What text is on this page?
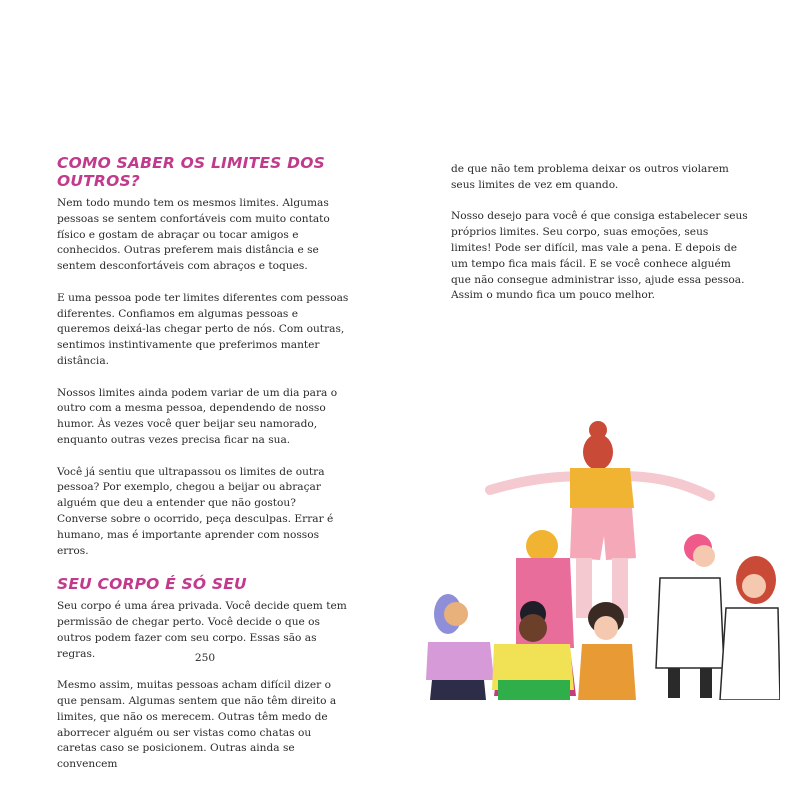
COMO SABER OS LIMITES DOS OUTROS?

Nem todo mundo tem os mesmos limites. Algumas pessoas se sentem confortáveis com muito contato físico e gostam de abraçar ou tocar amigos e conhecidos. Outras preferem mais distância e se sentem desconfortáveis com abraços e toques.

E uma pessoa pode ter limites diferentes com pessoas diferentes. Confiamos em algumas pessoas e queremos deixá-las chegar perto de nós. Com outras, sentimos instintivamente que preferimos manter distância.

Nossos limites ainda podem variar de um dia para o outro com a mesma pessoa, dependendo de nosso humor. Às vezes você quer beijar seu namorado, enquanto outras vezes precisa ficar na sua.

Você já sentiu que ultrapassou os limites de outra pessoa? Por exemplo, chegou a beijar ou abraçar alguém que deu a entender que não gostou? Converse sobre o ocorrido, peça desculpas. Errar é humano, mas é importante aprender com nossos erros.

SEU CORPO É SÓ SEU

Seu corpo é uma área privada. Você decide quem tem permissão de chegar perto. Você decide o que os outros podem fazer com seu corpo. Essas são as regras.

Mesmo assim, muitas pessoas acham difícil dizer o que pensam. Algumas sentem que não têm direito a limites, que não os merecem. Outras têm medo de aborrecer alguém ou ser vistas como chatas ou caretas caso se posicionem. Outras ainda se convencem

250

de que não tem problema deixar os outros violarem seus limites de vez em quando.

Nosso desejo para você é que consiga estabelecer seus próprios limites. Seu corpo, suas emoções, seus limites! Pode ser difícil, mas vale a pena. E depois de um tempo fica mais fácil. E se você conhece alguém que não consegue administrar isso, ajude essa pessoa. Assim o mundo fica um pouco melhor.
